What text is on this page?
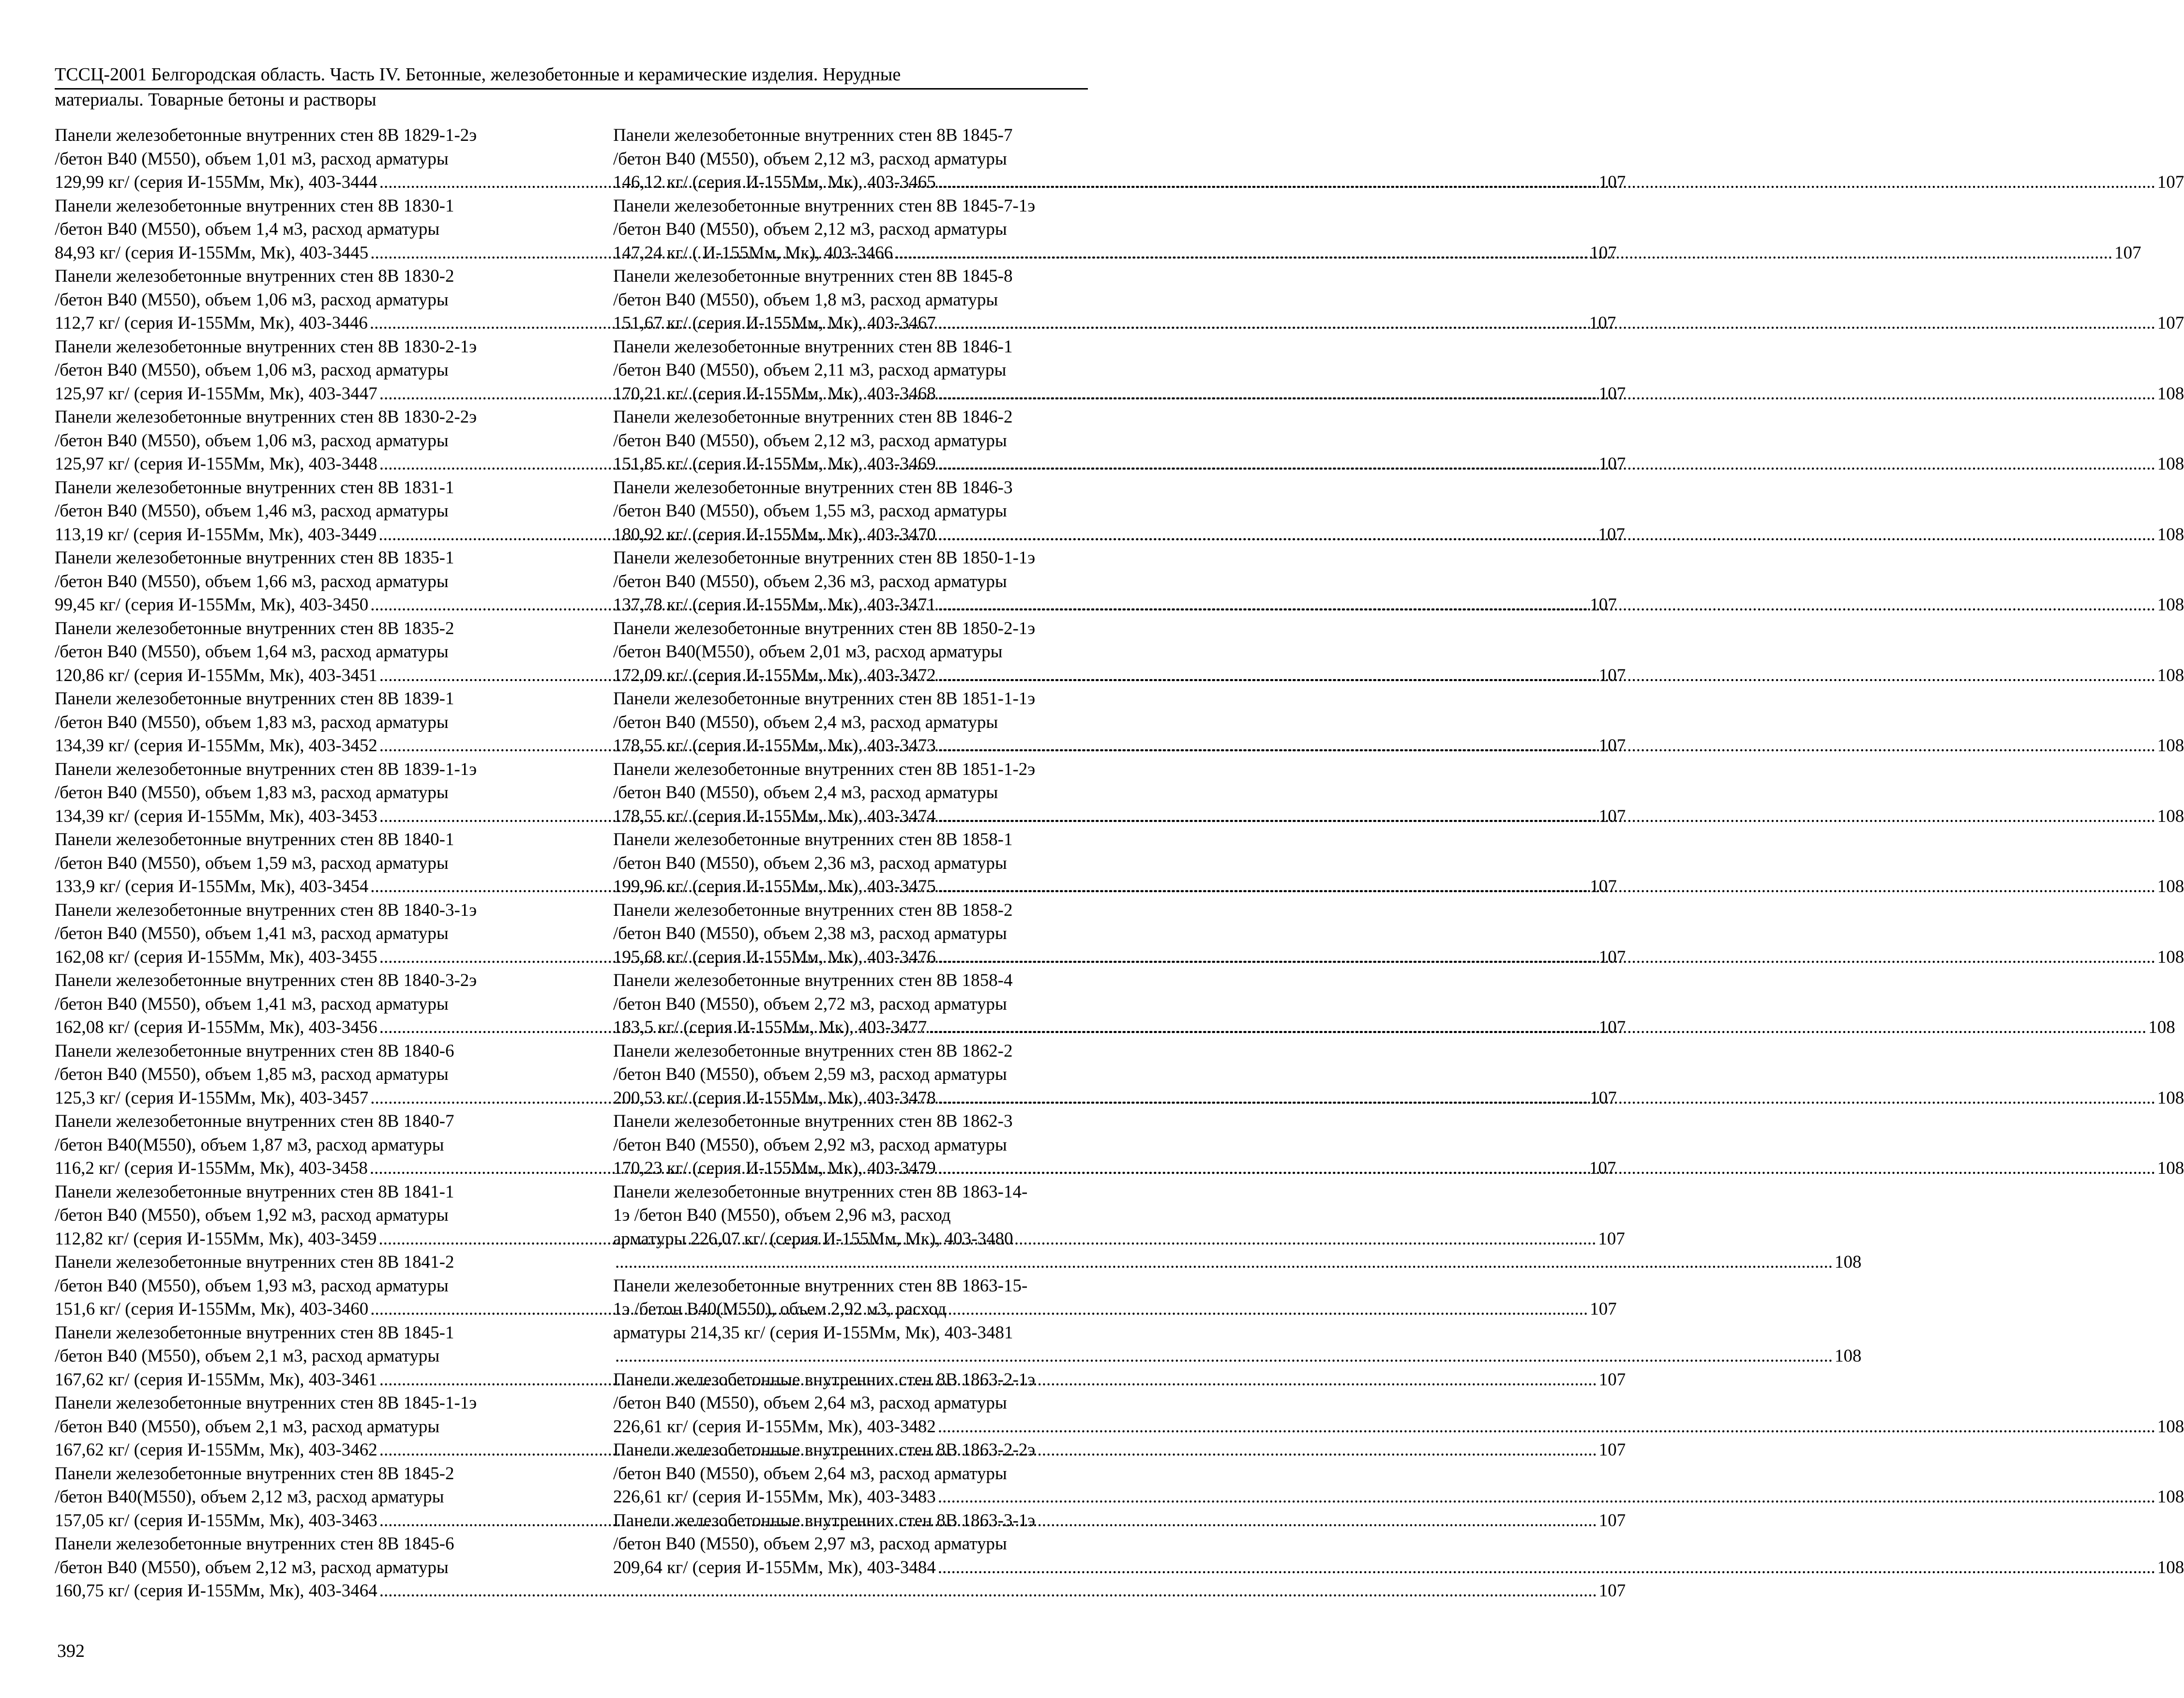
ТССЦ-2001 Белгородская область. Часть IV. Бетонные, железобетонные и керамические изделия. Нерудные
материалы. Товарные бетоны и растворы

Панели железобетонные внутренних стен 8В 1829-1-2э
/бетон В40 (М550), объем 1,01 м3, расход арматуры
129,99 кг/ (серия И-155Мм, Мк), 403-3444 .....	107

Панели железобетонные внутренних стен 8В 1830-1
/бетон В40 (М550), объем 1,4 м3, расход арматуры
84,93 кг/ (серия И-155Мм, Мк), 403-3445 .....	107

Панели железобетонные внутренних стен 8В 1830-2
/бетон В40 (М550), объем 1,06 м3, расход арматуры
112,7 кг/ (серия И-155Мм, Мк), 403-3446 .....	107

Панели железобетонные внутренних стен 8В 1830-2-1э
/бетон В40 (М550), объем 1,06 м3, расход арматуры
125,97 кг/ (серия И-155Мм, Мк), 403-3447 .....	107

Панели железобетонные внутренних стен 8В 1830-2-2э
/бетон В40 (М550), объем 1,06 м3, расход арматуры
125,97 кг/ (серия И-155Мм, Мк), 403-3448 .....	107

Панели железобетонные внутренних стен 8В 1831-1
/бетон В40 (М550), объем 1,46 м3, расход арматуры
113,19 кг/ (серия И-155Мм, Мк), 403-3449 .....	107

Панели железобетонные внутренних стен 8В 1835-1
/бетон В40 (М550), объем 1,66 м3, расход арматуры
99,45 кг/ (серия И-155Мм, Мк), 403-3450 .....	107

Панели железобетонные внутренних стен 8В 1835-2
/бетон В40 (М550), объем 1,64 м3, расход арматуры
120,86 кг/ (серия И-155Мм, Мк), 403-3451 .....	107

Панели железобетонные внутренних стен 8В 1839-1
/бетон В40 (М550), объем 1,83 м3, расход арматуры
134,39 кг/ (серия И-155Мм, Мк), 403-3452 .....	107

Панели железобетонные внутренних стен 8В 1839-1-1э
/бетон В40 (М550), объем 1,83 м3, расход арматуры
134,39 кг/ (серия И-155Мм, Мк), 403-3453 .....	107

Панели железобетонные внутренних стен 8В 1840-1
/бетон В40 (М550), объем 1,59 м3, расход арматуры
133,9 кг/ (серия И-155Мм, Мк), 403-3454 .....	107

Панели железобетонные внутренних стен 8В 1840-3-1э
/бетон В40 (М550), объем 1,41 м3, расход арматуры
162,08 кг/ (серия И-155Мм, Мк), 403-3455 .....	107

Панели железобетонные внутренних стен 8В 1840-3-2э
/бетон В40 (М550), объем 1,41 м3, расход арматуры
162,08 кг/ (серия И-155Мм, Мк), 403-3456 .....	107

Панели железобетонные внутренних стен 8В 1840-6
/бетон В40 (М550), объем 1,85 м3, расход арматуры
125,3 кг/ (серия И-155Мм, Мк), 403-3457 .....	107

Панели железобетонные внутренних стен 8В 1840-7
/бетон В40(М550), объем 1,87 м3, расход арматуры
116,2 кг/ (серия И-155Мм, Мк), 403-3458 .....	107

Панели железобетонные внутренних стен 8В 1841-1
/бетон В40 (М550), объем 1,92 м3, расход арматуры
112,82 кг/ (серия И-155Мм, Мк), 403-3459 .....	107

Панели железобетонные внутренних стен 8В 1841-2
/бетон В40 (М550), объем 1,93 м3, расход арматуры
151,6 кг/ (серия И-155Мм, Мк), 403-3460 .....	107

Панели железобетонные внутренних стен 8В 1845-1
/бетон В40 (М550), объем 2,1 м3, расход арматуры
167,62 кг/ (серия И-155Мм, Мк), 403-3461 .....	107

Панели железобетонные внутренних стен 8В 1845-1-1э
/бетон В40 (М550), объем 2,1 м3, расход арматуры
167,62 кг/ (серия И-155Мм, Мк), 403-3462 .....	107

Панели железобетонные внутренних стен 8В 1845-2
/бетон В40(М550), объем 2,12 м3, расход арматуры
157,05 кг/ (серия И-155Мм, Мк), 403-3463 .....	107

Панели железобетонные внутренних стен 8В 1845-6
/бетон В40 (М550), объем 2,12 м3, расход арматуры
160,75 кг/ (серия И-155Мм, Мк), 403-3464 .....	107

Панели железобетонные внутренних стен 8В 1845-7
/бетон В40 (М550), объем 2,12 м3, расход арматуры
146,12 кг/ (серия И-155Мм, Мк), 403-3465 .....	107

Панели железобетонные внутренних стен 8В 1845-7-1э
/бетон В40 (М550), объем 2,12 м3, расход арматуры
147,24 кг/ ( И-155Мм, Мк), 403-3466 .....	107

Панели железобетонные внутренних стен 8В 1845-8
/бетон В40 (М550), объем 1,8 м3, расход арматуры
151,67 кг/ (серия И-155Мм, Мк), 403-3467 .....	107

Панели железобетонные внутренних стен 8В 1846-1
/бетон В40 (М550), объем 2,11 м3, расход арматуры
170,21 кг/ (серия И-155Мм, Мк), 403-3468 .....	108

Панели железобетонные внутренних стен 8В 1846-2
/бетон В40 (М550), объем 2,12 м3, расход арматуры
151,85 кг/ (серия И-155Мм, Мк), 403-3469 .....	108

Панели железобетонные внутренних стен 8В 1846-3
/бетон В40 (М550), объем 1,55 м3, расход арматуры
180,92 кг/ (серия И-155Мм, Мк), 403-3470 .....	108

Панели железобетонные внутренних стен 8В 1850-1-1э
/бетон В40 (М550), объем 2,36 м3, расход арматуры
137,78 кг/ (серия И-155Мм, Мк), 403-3471 .....	108

Панели железобетонные внутренних стен 8В 1850-2-1э
/бетон В40(М550), объем 2,01 м3, расход арматуры
172,09 кг/ (серия И-155Мм, Мк), 403-3472 .....	108

Панели железобетонные внутренних стен 8В 1851-1-1э
/бетон В40 (М550), объем 2,4 м3, расход арматуры
178,55 кг/ (серия И-155Мм, Мк), 403-3473 .....	108

Панели железобетонные внутренних стен 8В 1851-1-2э
/бетон В40 (М550), объем 2,4 м3, расход арматуры
178,55 кг/ (серия И-155Мм, Мк), 403-3474 .....	108

Панели железобетонные внутренних стен 8В 1858-1
/бетон В40 (М550), объем 2,36 м3, расход арматуры
199,96 кг/ (серия И-155Мм, Мк), 403-3475 .....	108

Панели железобетонные внутренних стен 8В 1858-2
/бетон В40 (М550), объем 2,38 м3, расход арматуры
195,68 кг/ (серия И-155Мм, Мк), 403-3476 .....	108

Панели железобетонные внутренних стен 8В 1858-4
/бетон В40 (М550), объем 2,72 м3, расход арматуры
183,5 кг/ (серия И-155Мм, Мк), 403-3477 .....	108

Панели железобетонные внутренних стен 8В 1862-2
/бетон В40 (М550), объем 2,59 м3, расход арматуры
200,53 кг/ (серия И-155Мм, Мк), 403-3478 .....	108

Панели железобетонные внутренних стен 8В 1862-3
/бетон В40 (М550), объем 2,92 м3, расход арматуры
170,23 кг/ (серия И-155Мм, Мк), 403-3479 .....	108

Панели железобетонные внутренних стен 8В 1863-14-
1э /бетон В40 (М550), объем 2,96 м3, расход
арматуры 226,07 кг/ (серия И-155Мм, Мк), 403-3480
.....108

Панели железобетонные внутренних стен 8В 1863-15-
1э /бетон В40(М550), объем 2,92 м3, расход
арматуры 214,35 кг/ (серия И-155Мм, Мк), 403-3481
.....108

Панели железобетонные внутренних стен 8В 1863-2-1э
/бетон В40 (М550), объем 2,64 м3, расход арматуры
226,61 кг/ (серия И-155Мм, Мк), 403-3482 .....	108

Панели железобетонные внутренних стен 8В 1863-2-2э
/бетон В40 (М550), объем 2,64 м3, расход арматуры
226,61 кг/ (серия И-155Мм, Мк), 403-3483 .....	108

Панели железобетонные внутренних стен 8В 1863-3-1э
/бетон В40 (М550), объем 2,97 м3, расход арматуры
209,64 кг/ (серия И-155Мм, Мк), 403-3484 .....	108

392
